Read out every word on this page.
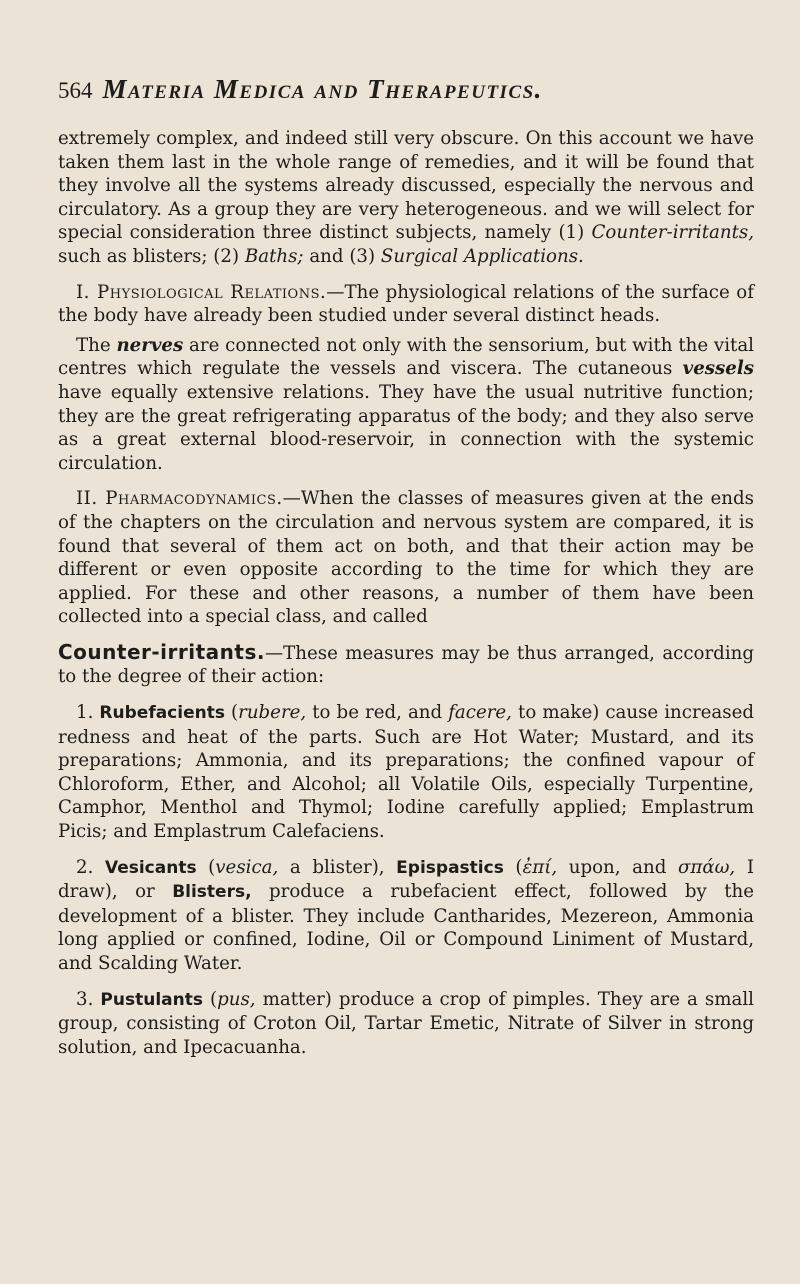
564 Materia Medica and Therapeutics.

extremely complex, and indeed still very obscure. On this account we have taken them last in the whole range of remedies, and it will be found that they involve all the systems already discussed, especially the nervous and circulatory. As a group they are very heterogeneous. and we will select for special consideration three distinct subjects, namely (1) Counter-irritants, such as blisters; (2) Baths; and (3) Surgical Applications.

I. Physiological Relations.—The physiological relations of the surface of the body have already been studied under several distinct heads.

The nerves are connected not only with the sensorium, but with the vital centres which regulate the vessels and viscera. The cutaneous vessels have equally extensive relations. They have the usual nutritive function; they are the great refrigerating apparatus of the body; and they also serve as a great external blood-reservoir, in connection with the systemic circulation.

II. Pharmacodynamics.—When the classes of measures given at the ends of the chapters on the circulation and nervous system are compared, it is found that several of them act on both, and that their action may be different or even opposite according to the time for which they are applied. For these and other reasons, a number of them have been collected into a special class, and called

Counter-irritants.—These measures may be thus arranged, according to the degree of their action:

1. Rubefacients (rubere, to be red, and facere, to make) cause increased redness and heat of the parts. Such are Hot Water; Mustard, and its preparations; Ammonia, and its preparations; the confined vapour of Chloroform, Ether, and Alcohol; all Volatile Oils, especially Turpentine, Camphor, Menthol and Thymol; Iodine carefully applied; Emplastrum Picis; and Emplastrum Calefaciens.

2. Vesicants (vesica, a blister), Epispastics (ἐπί, upon, and σπάω, I draw), or Blisters, produce a rubefacient effect, followed by the development of a blister. They include Cantharides, Mezereon, Ammonia long applied or confined, Iodine, Oil or Compound Liniment of Mustard, and Scalding Water.

3. Pustulants (pus, matter) produce a crop of pimples. They are a small group, consisting of Croton Oil, Tartar Emetic, Nitrate of Silver in strong solution, and Ipecacuanha.
